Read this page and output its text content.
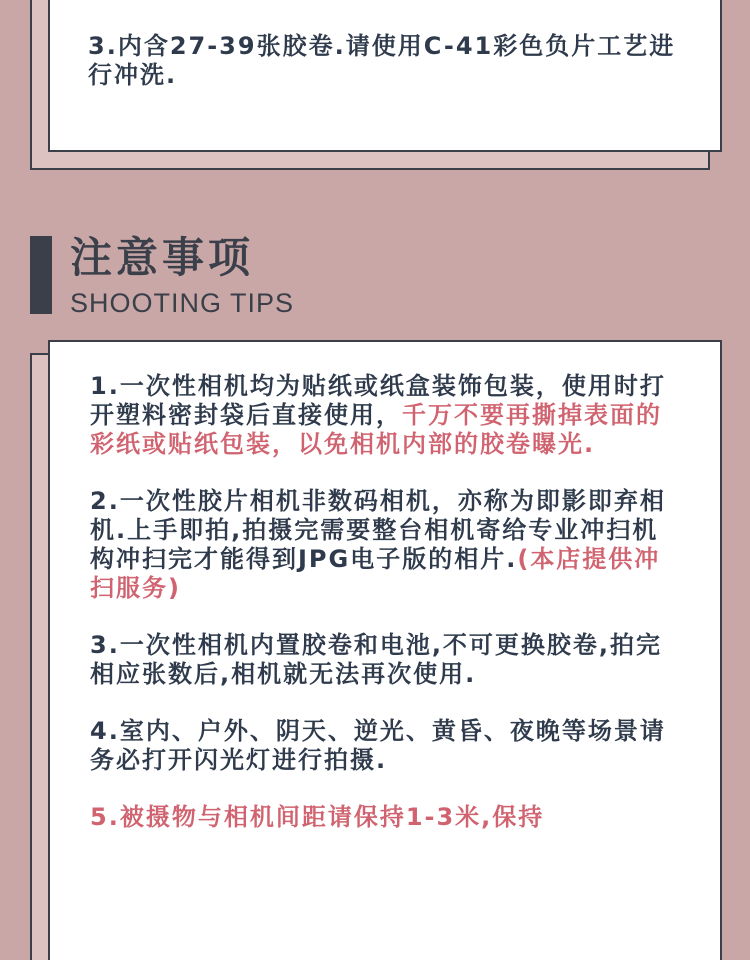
3.内含27-39张胶卷.请使用C-41彩色负片工艺进行冲洗.

注意事项
SHOOTING TIPS

1.一次性相机均为贴纸或纸盒装饰包装，使用时打开塑料密封袋后直接使用，千万不要再撕掉表面的彩纸或贴纸包装，以免相机内部的胶卷曝光.

2.一次性胶片相机非数码相机，亦称为即影即弃相机.上手即拍,拍摄完需要整台相机寄给专业冲扫机构冲扫完才能得到JPG电子版的相片.(本店提供冲扫服务)

3.一次性相机内置胶卷和电池,不可更换胶卷,拍完相应张数后,相机就无法再次使用.

4.室内、户外、阴天、逆光、黄昏、夜晚等场景请务必打开闪光灯进行拍摄.

5.被摄物与相机间距请保持1-3米,保持
